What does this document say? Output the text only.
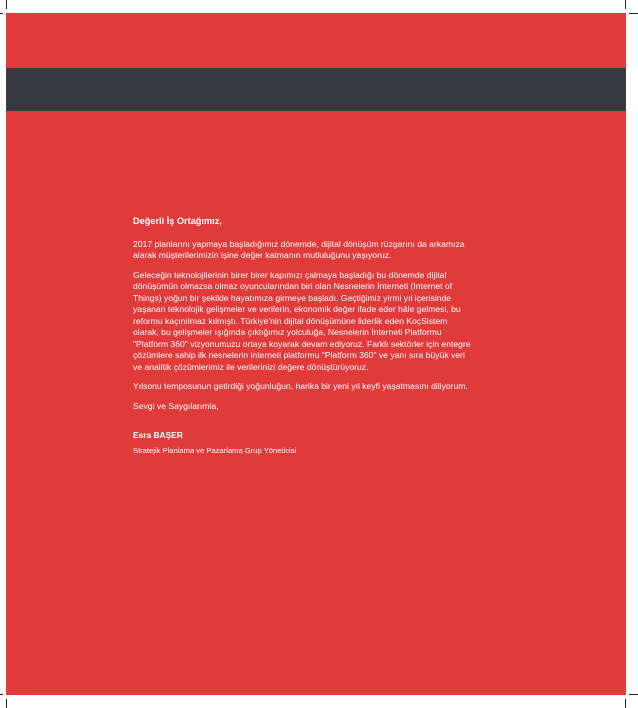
Değerli İş Ortağımız,

2017 planlarını yapmaya başladığımız dönemde, dijital dönüşüm rüzgarını da arkamıza alarak müşterilerimizin işine değer katmanın mutluluğunu yaşıyoruz.

Geleceğin teknolojilerinin birer birer kapımızı çalmaya başladığı bu dönemde dijital dönüşümün olmazsa olmaz oyuncularından biri olan Nesnelerin İnterneti (Internet of Things) yoğun bir şekilde hayatımıza girmeye başladı. Geçtiğimiz yirmi yıl içerisinde yaşanan teknolojik gelişmeler ve verilerin, ekonomik değer ifade eder hâle gelmesi, bu reformu kaçınılmaz kılmıştı. Türkiye'nin dijital dönüşümüne liderlik eden KoçSistem olarak, bu gelişmeler ışığında çıktığımız yolculuğa, Nesnelerin İnterneti Platformu "Platform 360" vizyonumuzu ortaya koyarak devam ediyoruz. Farklı sektörler için entegre çözümlere sahip ilk nesnelerin interneti platformu "Platform 360" ve yanı sıra büyük veri ve analitik çözümlerimiz ile verilerinizi değere dönüştürüyoruz.

Yılsonu temposunun getirdiği yoğunluğun, harika bir yeni yıl keyfi yaşatmasını diliyorum.

Sevgi ve Saygılarımla,

Esra BAŞER
Stratejik Planlama ve Pazarlama Grup Yöneticisi
